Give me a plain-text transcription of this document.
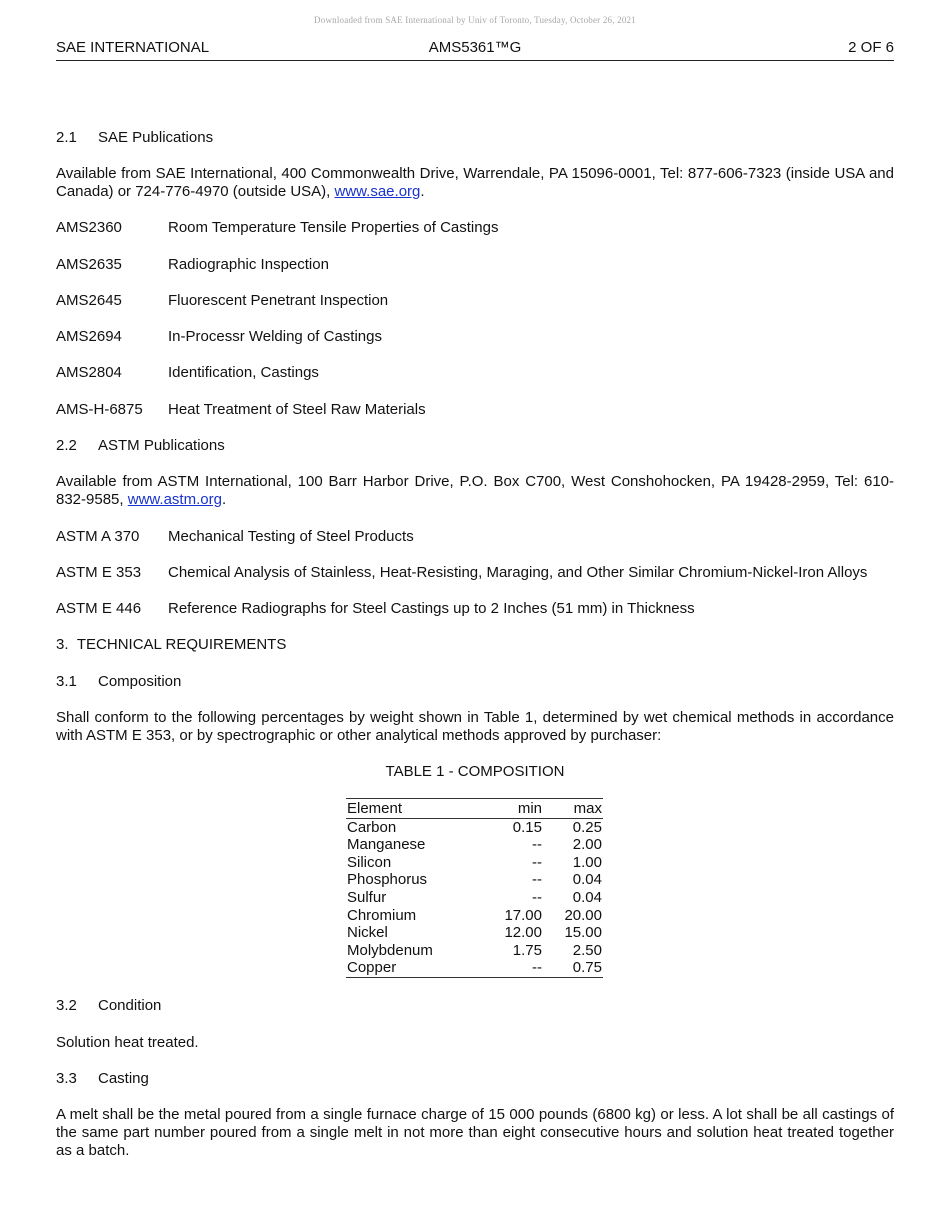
Downloaded from SAE International by Univ of Toronto, Tuesday, October 26, 2021
AMS5361™G
SAE INTERNATIONAL	2 OF 6
2.1 SAE Publications
Available from SAE International, 400 Commonwealth Drive, Warrendale, PA 15096-0001, Tel: 877-606-7323 (inside USA and Canada) or 724-776-4970 (outside USA), www.sae.org.
AMS2360	Room Temperature Tensile Properties of Castings
AMS2635	Radiographic Inspection
AMS2645	Fluorescent Penetrant Inspection
AMS2694	In-Processr Welding of Castings
AMS2804	Identification, Castings
AMS-H-6875 Heat Treatment of Steel Raw Materials
2.2 ASTM Publications
Available from ASTM International, 100 Barr Harbor Drive, P.O. Box C700, West Conshohocken, PA 19428-2959, Tel: 610-832-9585, www.astm.org.
ASTM A 370 Mechanical Testing of Steel Products
ASTM E 353 Chemical Analysis of Stainless, Heat-Resisting, Maraging, and Other Similar Chromium-Nickel-Iron Alloys
ASTM E 446 Reference Radiographs for Steel Castings up to 2 Inches (51 mm) in Thickness
3. TECHNICAL REQUIREMENTS
3.1 Composition
Shall conform to the following percentages by weight shown in Table 1, determined by wet chemical methods in accordance with ASTM E 353, or by spectrographic or other analytical methods approved by purchaser:
TABLE 1 - COMPOSITION
Element	min	max
Carbon	0.15	0.25
Manganese	--	2.00
Silicon	--	1.00
Phosphorus	--	0.04
Sulfur	--	0.04
Chromium	17.00	20.00
Nickel	12.00	15.00
Molybdenum	1.75	2.50
Copper	--	0.75
3.2 Condition
Solution heat treated.
3.3 Casting
A melt shall be the metal poured from a single furnace charge of 15 000 pounds (6800 kg) or less. A lot shall be all castings of the same part number poured from a single melt in not more than eight consecutive hours and solution heat treated together as a batch.
